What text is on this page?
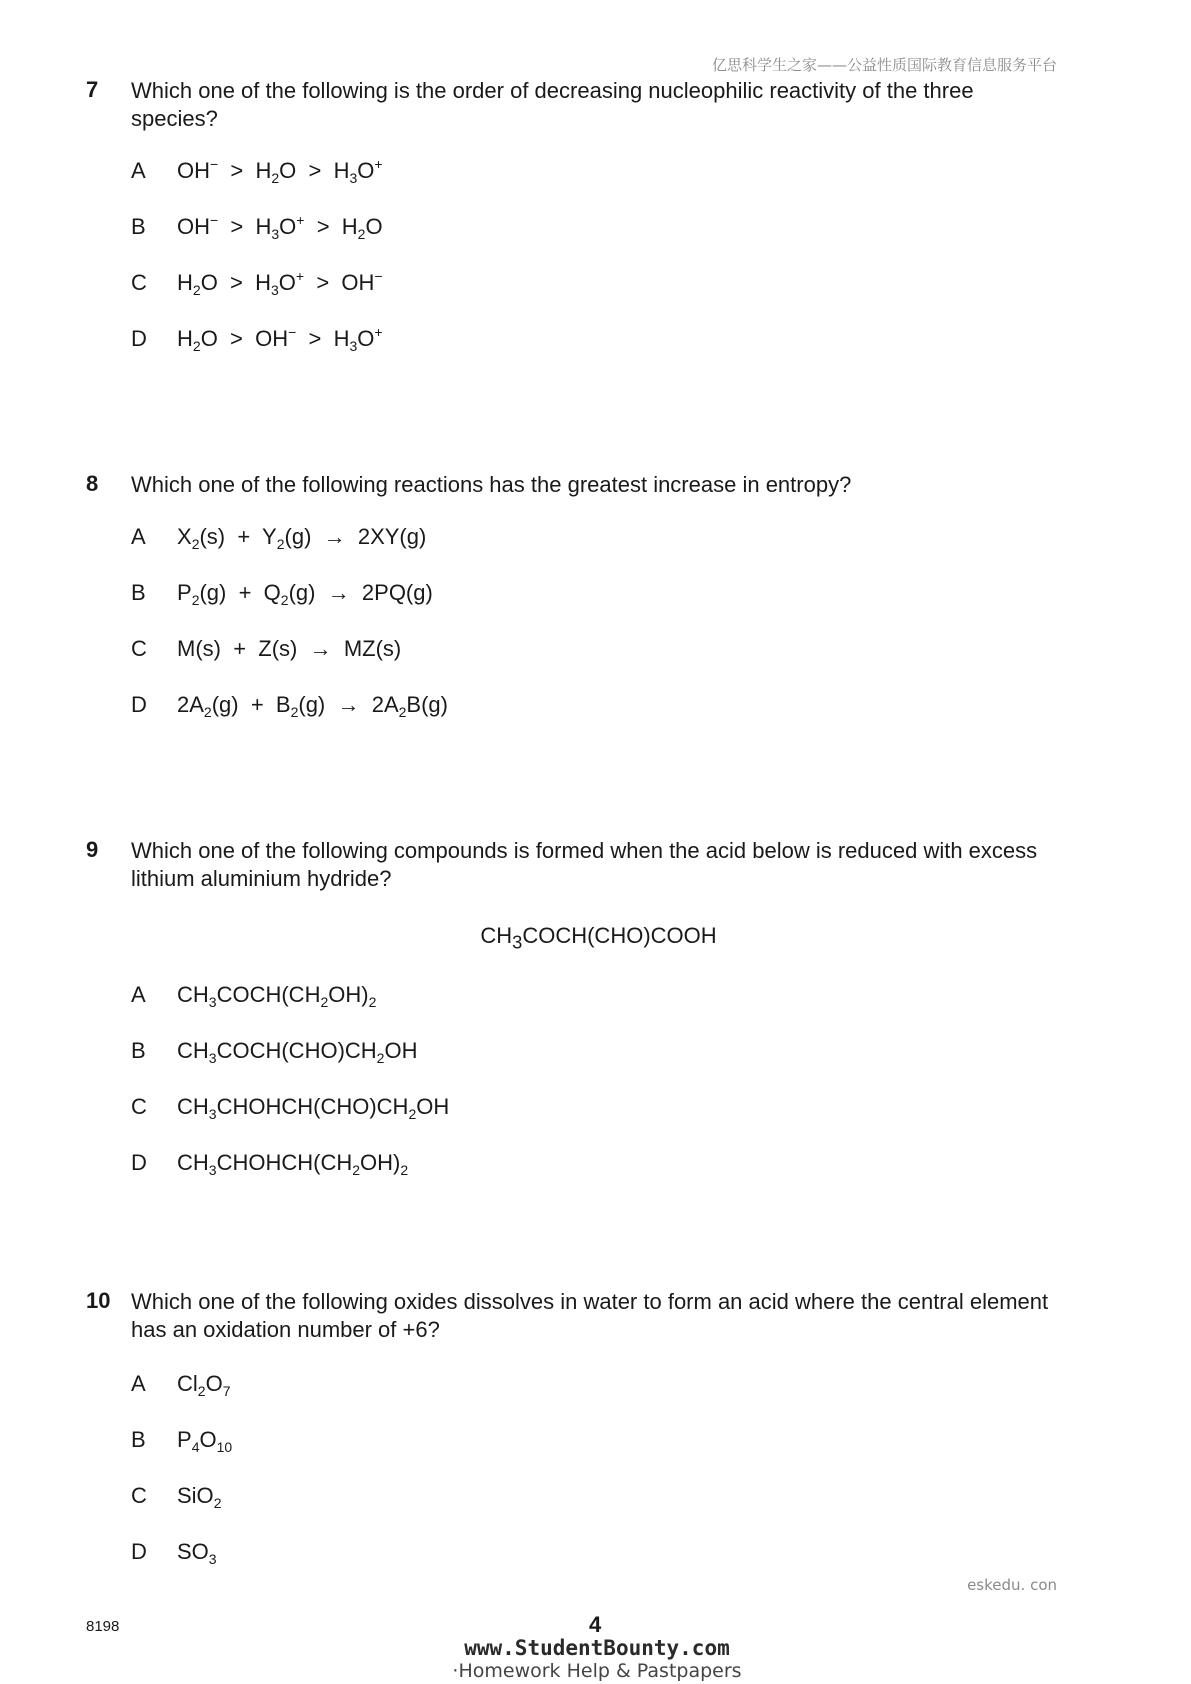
亿思科学生之家——公益性质国际教育信息服务平台
7	Which one of the following is the order of decreasing nucleophilic reactivity of the three species?
A	$OH^- > H_2O > H_3O^+$
B	$OH^- > H_3O^+ > H_2O$
C	$H_2O > H_3O^+ > OH^-$
D	$H_2O > OH^- > H_3O^+$
8	Which one of the following reactions has the greatest increase in entropy?
A	$X_2(s) + Y_2(g) \to 2XY(g)$
B	$P_2(g) + Q_2(g) \to 2PQ(g)$
C	M(s)  +  Z(s)  →  MZ(s)
D	$2A_2(g) + B_2(g) \to 2A_2B(g)$
9	Which one of the following compounds is formed when the acid below is reduced with excess lithium aluminium hydride?
$CH_3COCH(CHO)COOH$
A	$CH_3COCH(CH_2OH)_2$
B	$CH_3COCH(CHO)CH_2OH$
C	$CH_3CHOHCH(CHO)CH_2OH$
D	$CH_3CHOHCH(CH_2OH)_2$
10 Which one of the following oxides dissolves in water to form an acid where the central element has an oxidation number of +6?
A	$Cl_2O_7$
B	$P_4O_{10}$
C	SiO$_2$
D	$SO_3$
eskedu. con
8198	4
www.StudentBounty.com
·Homework Help & Pastpapers
